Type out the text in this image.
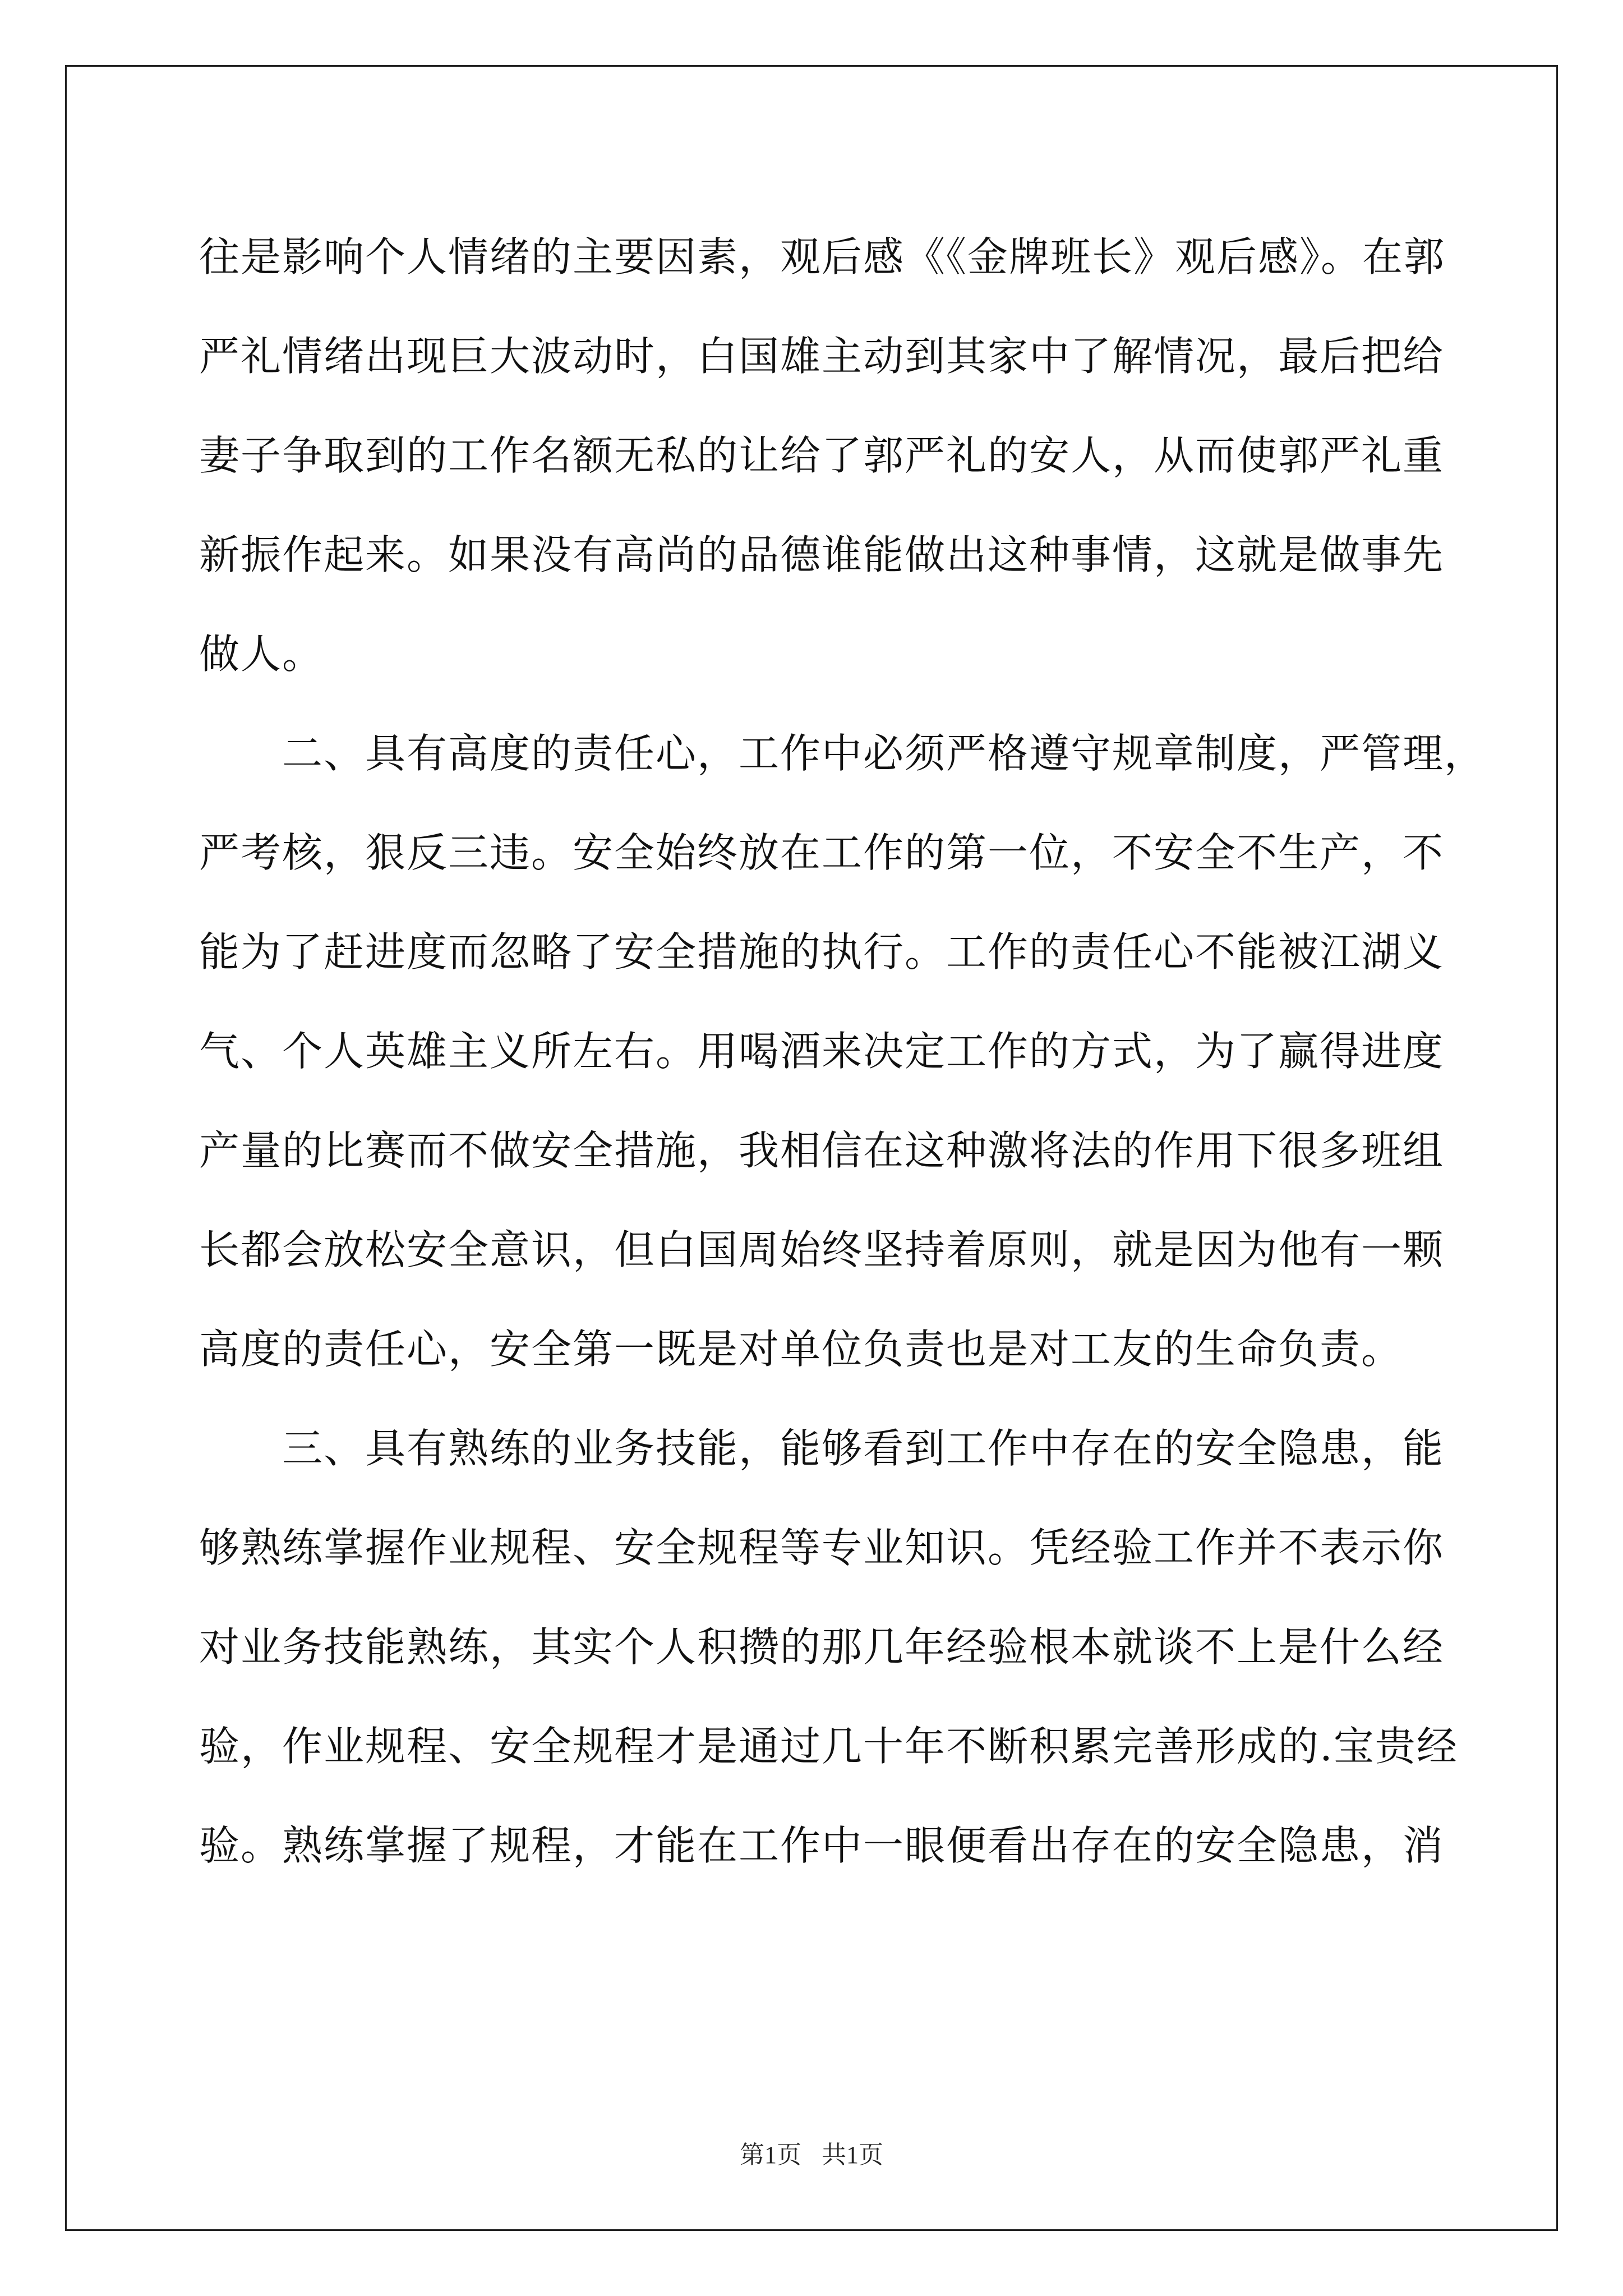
往是影响个人情绪的主要因素，观后感《《金牌班长》观后感》。在郭
严礼情绪出现巨大波动时，白国雄主动到其家中了解情况，最后把给
妻子争取到的工作名额无私的让给了郭严礼的安人，从而使郭严礼重
新振作起来。如果没有高尚的品德谁能做出这种事情，这就是做事先
做人。
　　二、具有高度的责任心，工作中必须严格遵守规章制度，严管理，
严考核，狠反三违。安全始终放在工作的第一位，不安全不生产，不
能为了赶进度而忽略了安全措施的执行。工作的责任心不能被江湖义
气、个人英雄主义所左右。用喝酒来决定工作的方式，为了赢得进度
产量的比赛而不做安全措施，我相信在这种激将法的作用下很多班组
长都会放松安全意识，但白国周始终坚持着原则，就是因为他有一颗
高度的责任心，安全第一既是对单位负责也是对工友的生命负责。
　　三、具有熟练的业务技能，能够看到工作中存在的安全隐患，能
够熟练掌握作业规程、安全规程等专业知识。凭经验工作并不表示你
对业务技能熟练，其实个人积攒的那几年经验根本就谈不上是什么经
验，作业规程、安全规程才是通过几十年不断积累完善形成的.宝贵经
验。熟练掌握了规程，才能在工作中一眼便看出存在的安全隐患，消
第1页 共1页
